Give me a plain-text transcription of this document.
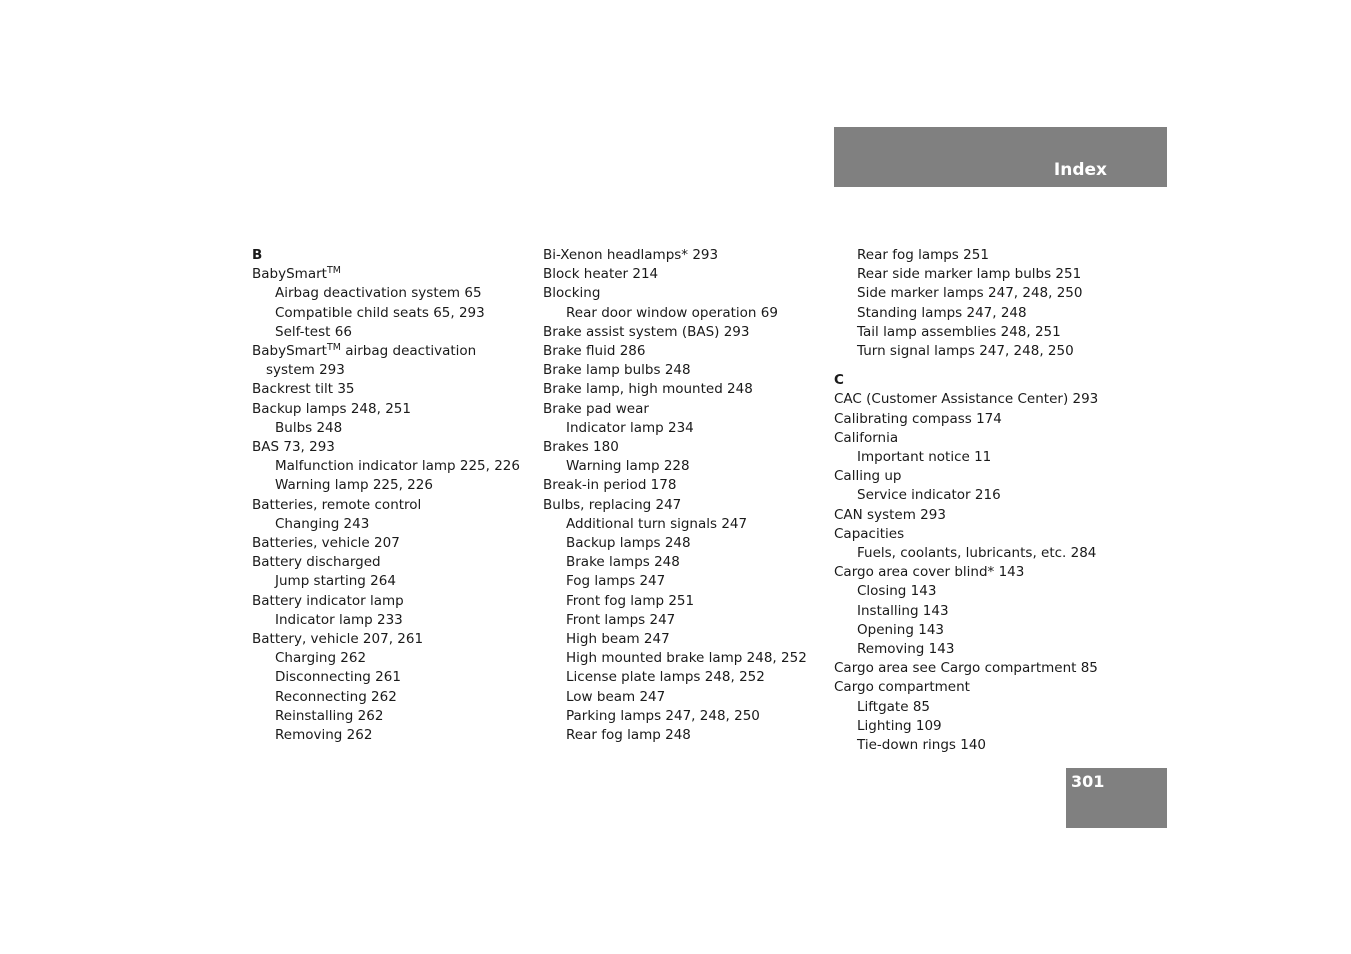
Index
B
BabySmart™
Airbag deactivation system 65
Compatible child seats 65, 293
Self-test 66
BabySmart™ airbag deactivation
system 293
Backrest tilt 35
Backup lamps 248, 251
Bulbs 248
BAS 73, 293
Malfunction indicator lamp 225, 226
Warning lamp 225, 226
Batteries, remote control
Changing 243
Batteries, vehicle 207
Battery discharged
Jump starting 264
Battery indicator lamp
Indicator lamp 233
Battery, vehicle 207, 261
Charging 262
Disconnecting 261
Reconnecting 262
Reinstalling 262
Removing 262
Bi-Xenon headlamps* 293
Block heater 214
Blocking
Rear door window operation 69
Brake assist system (BAS) 293
Brake fluid 286
Brake lamp bulbs 248
Brake lamp, high mounted 248
Brake pad wear
Indicator lamp 234
Brakes 180
Warning lamp 228
Break-in period 178
Bulbs, replacing 247
Additional turn signals 247
Backup lamps 248
Brake lamps 248
Fog lamps 247
Front fog lamp 251
Front lamps 247
High beam 247
High mounted brake lamp 248, 252
License plate lamps 248, 252
Low beam 247
Parking lamps 247, 248, 250
Rear fog lamp 248
Rear fog lamps 251
Rear side marker lamp bulbs 251
Side marker lamps 247, 248, 250
Standing lamps 247, 248
Tail lamp assemblies 248, 251
Turn signal lamps 247, 248, 250
C
CAC (Customer Assistance Center) 293
Calibrating compass 174
California
Important notice 11
Calling up
Service indicator 216
CAN system 293
Capacities
Fuels, coolants, lubricants, etc. 284
Cargo area cover blind* 143
Closing 143
Installing 143
Opening 143
Removing 143
Cargo area see Cargo compartment 85
Cargo compartment
Liftgate 85
Lighting 109
Tie-down rings 140
301
